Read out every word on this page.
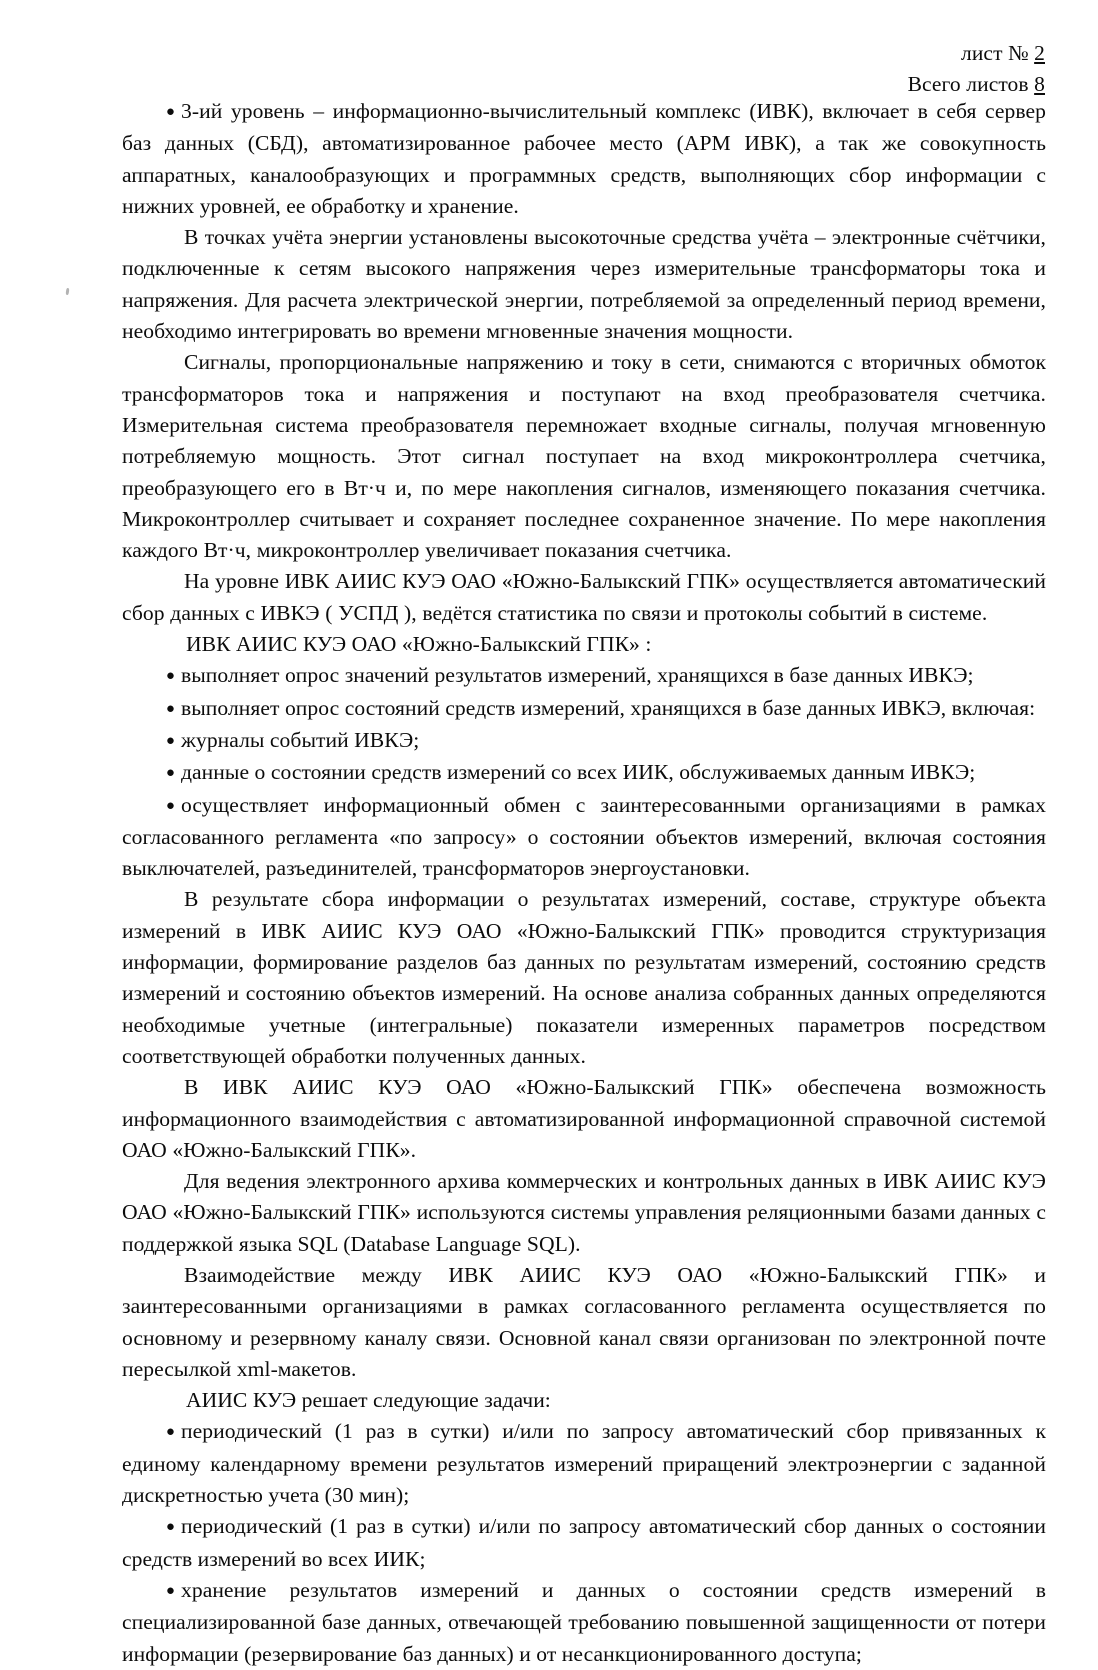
лист № 2
Всего листов 8

● 3-ий уровень – информационно-вычислительный комплекс (ИВК), включает в себя сервер баз данных (СБД), автоматизированное рабочее место (АРМ ИВК), а так же совокупность аппаратных, каналообразующих и программных средств, выполняющих сбор информации с нижних уровней, ее обработку и хранение.

В точках учёта энергии установлены высокоточные средства учёта – электронные счётчики, подключенные к сетям высокого напряжения через измерительные трансформаторы тока и напряжения. Для расчета электрической энергии, потребляемой за определенный период времени, необходимо интегрировать во времени мгновенные значения мощности.

Сигналы, пропорциональные напряжению и току в сети, снимаются с вторичных обмоток трансформаторов тока и напряжения и поступают на вход преобразователя счетчика. Измерительная система преобразователя перемножает входные сигналы, получая мгновенную потребляемую мощность. Этот сигнал поступает на вход микроконтроллера счетчика, преобразующего его в Вт·ч и, по мере накопления сигналов, изменяющего показания счетчика. Микроконтроллер считывает и сохраняет последнее сохраненное значение. По мере накопления каждого Вт·ч, микроконтроллер увеличивает показания счетчика.

На уровне ИВК АИИС КУЭ ОАО «Южно-Балыкский ГПК» осуществляется автоматический сбор данных с ИВКЭ ( УСПД ), ведётся статистика по связи и протоколы событий в системе.

ИВК АИИС КУЭ ОАО «Южно-Балыкский ГПК» :

● выполняет опрос значений результатов измерений, хранящихся в базе данных ИВКЭ;

● выполняет опрос состояний средств измерений, хранящихся в базе данных ИВКЭ, включая:

● журналы событий ИВКЭ;

● данные о состоянии средств измерений со всех ИИК, обслуживаемых данным ИВКЭ;

● осуществляет информационный обмен с заинтересованными организациями в рамках согласованного регламента «по запросу» о состоянии объектов измерений, включая состояния выключателей, разъединителей, трансформаторов энергоустановки.

В результате сбора информации о результатах измерений, составе, структуре объекта измерений в ИВК АИИС КУЭ ОАО «Южно-Балыкский ГПК» проводится структуризация информации, формирование разделов баз данных по результатам измерений, состоянию средств измерений и состоянию объектов измерений. На основе анализа собранных данных определяются необходимые учетные (интегральные) показатели измеренных параметров посредством соответствующей обработки полученных данных.

В ИВК АИИС КУЭ ОАО «Южно-Балыкский ГПК» обеспечена возможность информационного взаимодействия с автоматизированной информационной справочной системой ОАО «Южно-Балыкский ГПК».

Для ведения электронного архива коммерческих и контрольных данных в ИВК АИИС КУЭ ОАО «Южно-Балыкский ГПК» используются системы управления реляционными базами данных с поддержкой языка SQL (Database Language SQL).

Взаимодействие между ИВК АИИС КУЭ ОАО «Южно-Балыкский ГПК» и заинтересованными организациями в рамках согласованного регламента осуществляется по основному и резервному каналу связи. Основной канал связи организован по электронной почте пересылкой xml-макетов.

АИИС КУЭ решает следующие задачи:

● периодический (1 раз в сутки) и/или по запросу автоматический сбор привязанных к единому календарному времени результатов измерений приращений электроэнергии с заданной дискретностью учета (30 мин);

● периодический (1 раз в сутки) и/или по запросу автоматический сбор данных о состоянии средств измерений во всех ИИК;

● хранение результатов измерений и данных о состоянии средств измерений в специализированной базе данных, отвечающей требованию повышенной защищенности от потери информации (резервирование баз данных) и от несанкционированного доступа;
